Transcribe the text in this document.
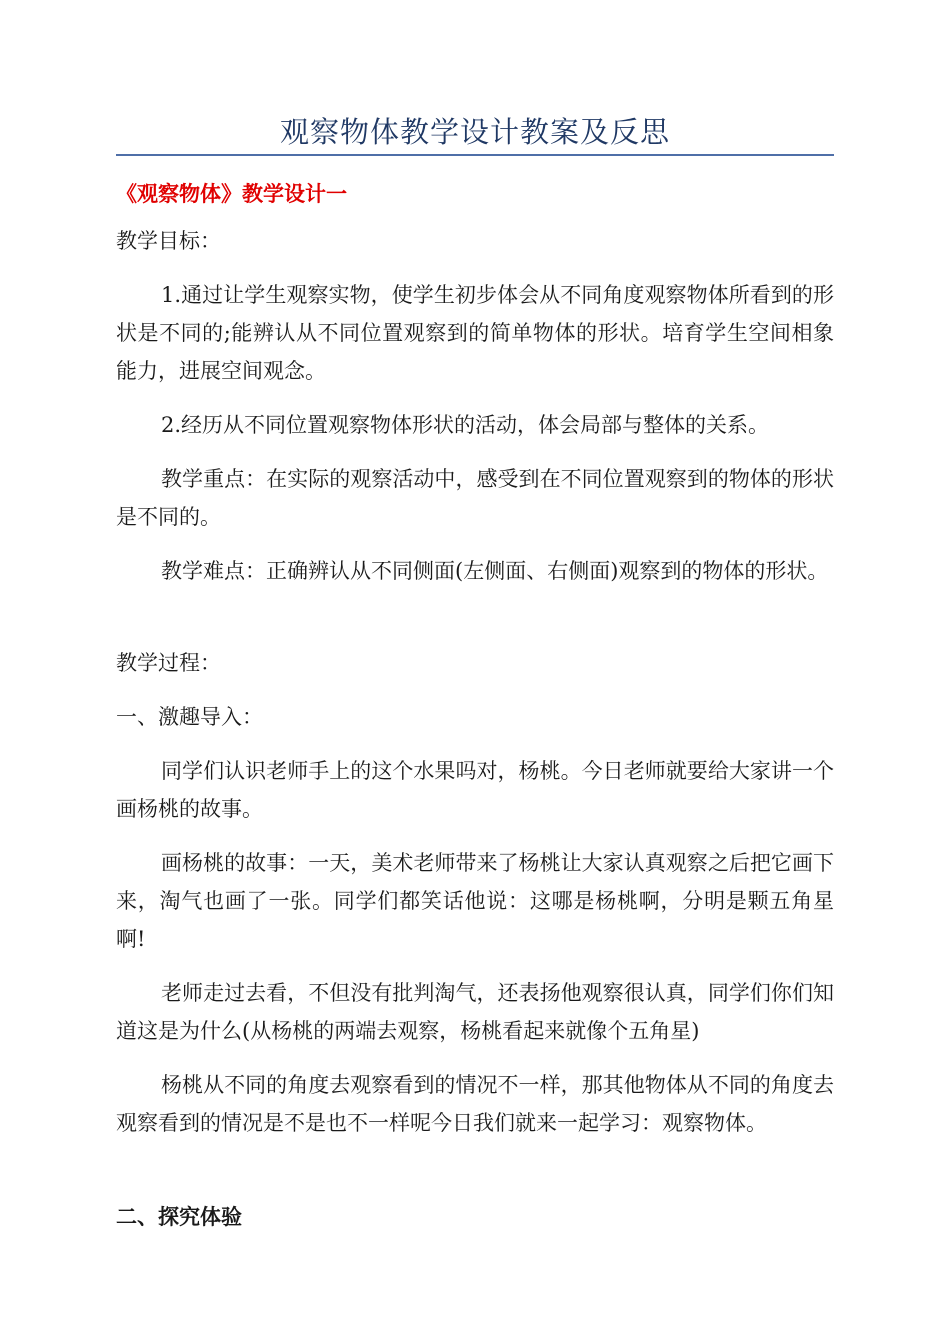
观察物体教学设计教案及反思
《观察物体》教学设计一
教学目标：
1.通过让学生观察实物，使学生初步体会从不同角度观察物体所看到的形状是不同的;能辨认从不同位置观察到的简单物体的形状。培育学生空间相象能力，进展空间观念。
2.经历从不同位置观察物体形状的活动，体会局部与整体的关系。
教学重点：在实际的观察活动中，感受到在不同位置观察到的物体的形状是不同的。
教学难点：正确辨认从不同侧面(左侧面、右侧面)观察到的物体的形状。
教学过程：
一、激趣导入：
同学们认识老师手上的这个水果吗对，杨桃。今日老师就要给大家讲一个画杨桃的故事。
画杨桃的故事：一天，美术老师带来了杨桃让大家认真观察之后把它画下来，淘气也画了一张。同学们都笑话他说：这哪是杨桃啊，分明是颗五角星啊!
老师走过去看，不但没有批判淘气，还表扬他观察很认真，同学们你们知道这是为什么(从杨桃的两端去观察，杨桃看起来就像个五角星)
杨桃从不同的角度去观察看到的情况不一样，那其他物体从不同的角度去观察看到的情况是不是也不一样呢今日我们就来一起学习：观察物体。
二、探究体验
